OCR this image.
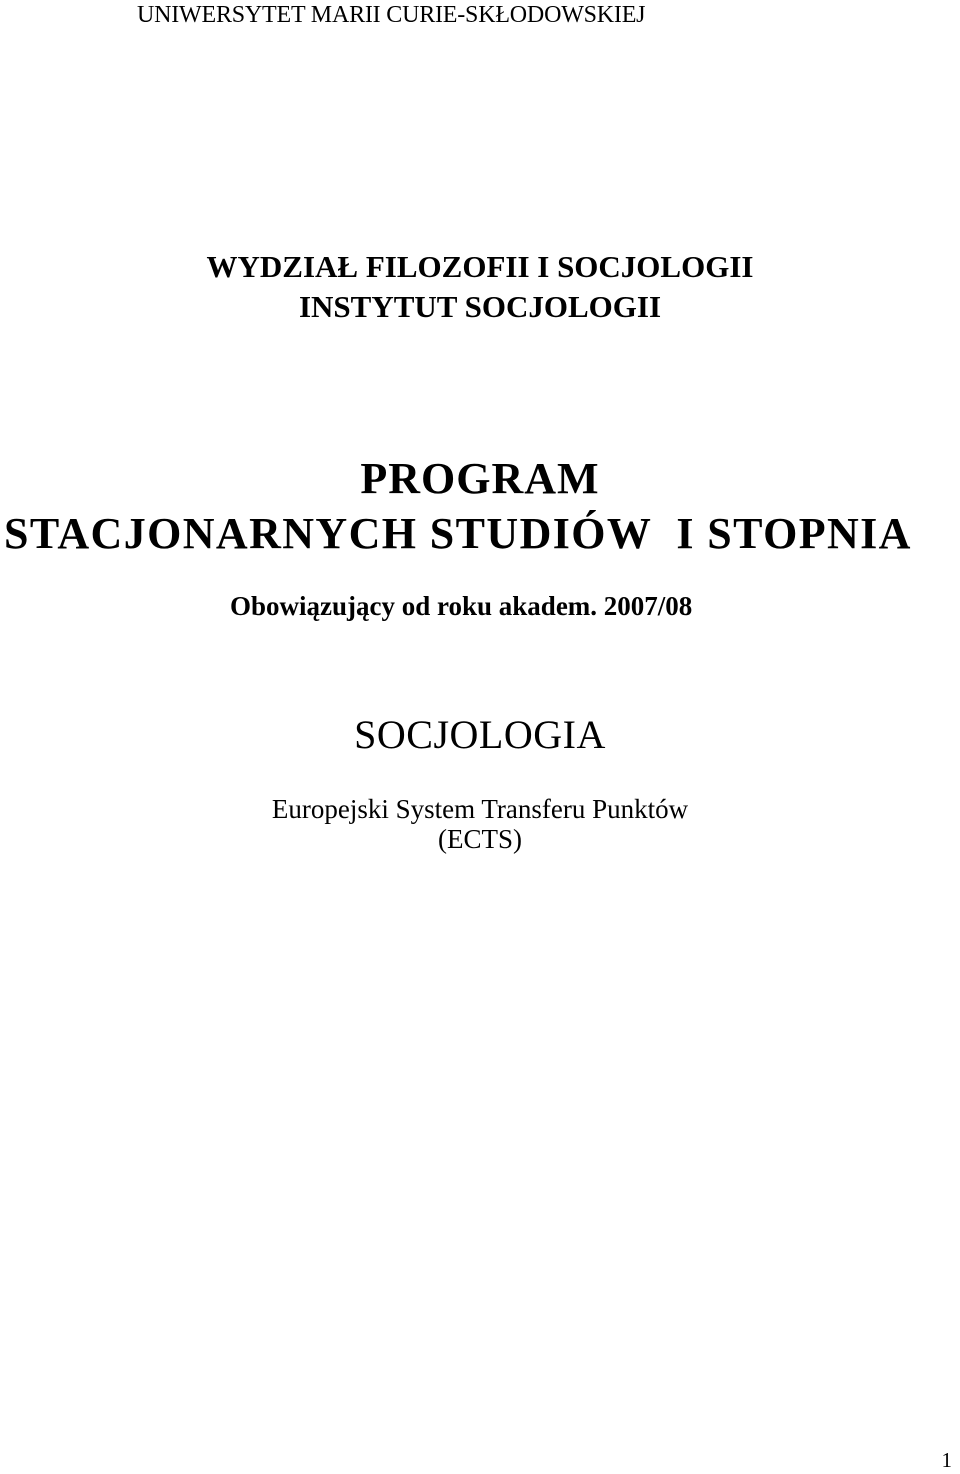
UNIWERSYTET MARII CURIE-SKŁODOWSKIEJ
WYDZIAŁ FILOZOFII I SOCJOLOGII
INSTYTUT SOCJOLOGII
PROGRAM
STACJONARNYCH STUDIÓW  I STOPNIA
Obowiązujący od roku akadem. 2007/08
SOCJOLOGIA
Europejski System Transferu Punktów
(ECTS)
1
